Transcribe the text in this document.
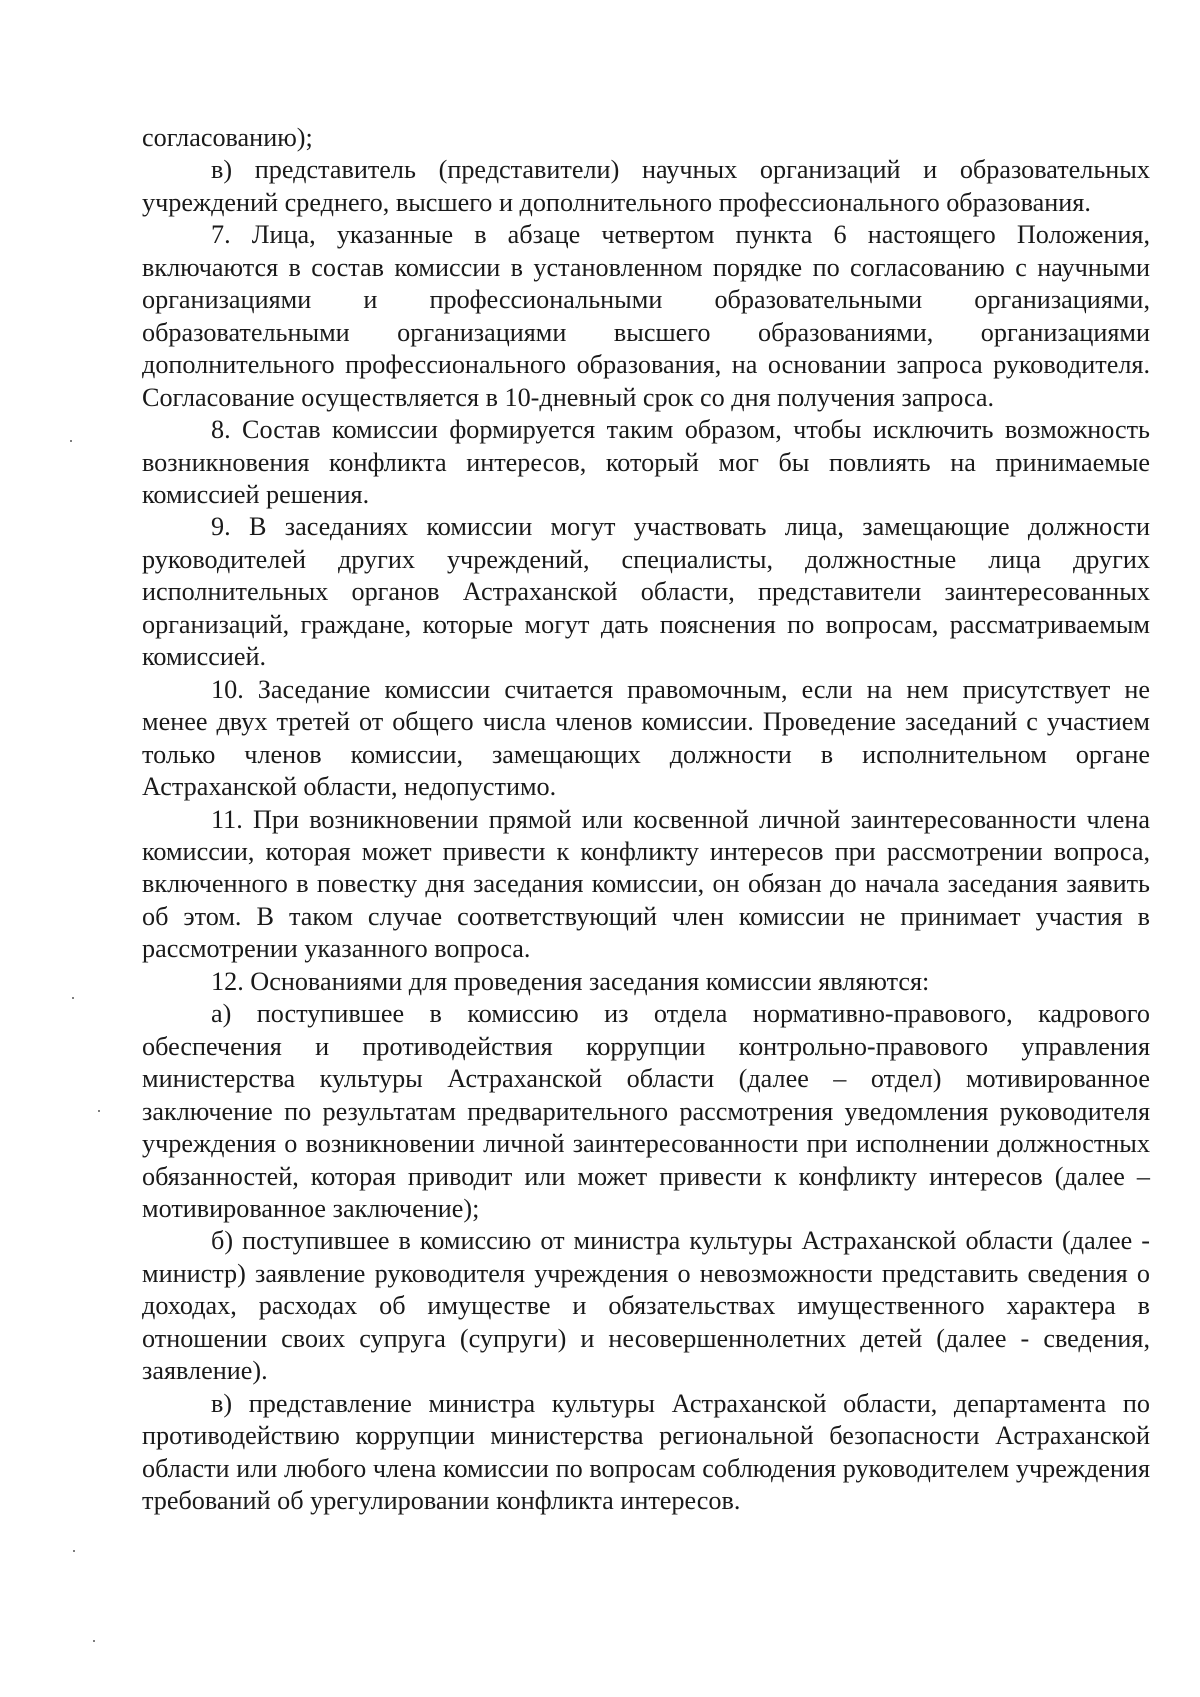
согласованию);

в) представитель (представители) научных организаций и образовательных учреждений среднего, высшего и дополнительного профессионального образования.

7. Лица, указанные в абзаце четвертом пункта 6 настоящего Положения, включаются в состав комиссии в установленном порядке по согласованию с научными организациями и профессиональными образовательными организациями, образовательными организациями высшего образованиями, организациями дополнительного профессионального образования, на основании запроса руководителя. Согласование осуществляется в 10-дневный срок со дня получения запроса.

8. Состав комиссии формируется таким образом, чтобы исключить возможность возникновения конфликта интересов, который мог бы повлиять на принимаемые комиссией решения.

9. В заседаниях комиссии могут участвовать лица, замещающие должности руководителей других учреждений, специалисты, должностные лица других исполнительных органов Астраханской области, представители заинтересованных организаций, граждане, которые могут дать пояснения по вопросам, рассматриваемым комиссией.

10. Заседание комиссии считается правомочным, если на нем присутствует не менее двух третей от общего числа членов комиссии. Проведение заседаний с участием только членов комиссии, замещающих должности в исполнительном органе Астраханской области, недопустимо.

11. При возникновении прямой или косвенной личной заинтересованности члена комиссии, которая может привести к конфликту интересов при рассмотрении вопроса, включенного в повестку дня заседания комиссии, он обязан до начала заседания заявить об этом. В таком случае соответствующий член комиссии не принимает участия в рассмотрении указанного вопроса.

12. Основаниями для проведения заседания комиссии являются:

а) поступившее в комиссию из отдела нормативно-правового, кадрового обеспечения и противодействия коррупции контрольно-правового управления министерства культуры Астраханской области (далее – отдел) мотивированное заключение по результатам предварительного рассмотрения уведомления руководителя учреждения о возникновении личной заинтересованности при исполнении должностных обязанностей, которая приводит или может привести к конфликту интересов (далее – мотивированное заключение);

б) поступившее в комиссию от министра культуры Астраханской области (далее - министр) заявление руководителя учреждения о невозможности представить сведения о доходах, расходах об имуществе и обязательствах имущественного характера в отношении своих супруга (супруги) и несовершеннолетних детей (далее - сведения, заявление).

в) представление министра культуры Астраханской области, департамента по противодействию коррупции министерства региональной безопасности Астраханской области или любого члена комиссии по вопросам соблюдения руководителем учреждения требований об урегулировании конфликта интересов.
